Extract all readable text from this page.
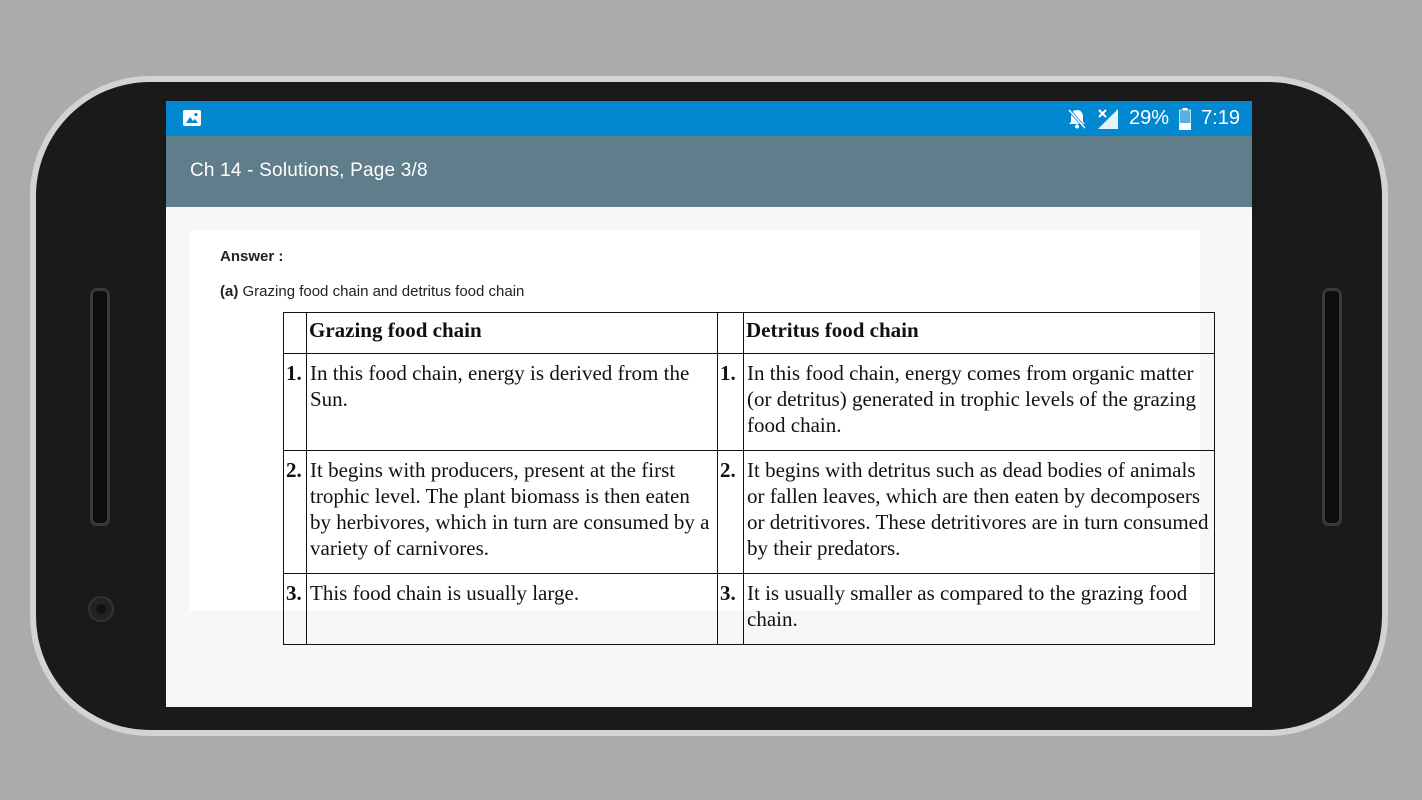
29% 7:19
Ch 14 - Solutions, Page 3/8
Answer :
(a) Grazing food chain and detritus food chain
	Grazing food chain		Detritus food chain
1.	In this food chain, energy is derived from the Sun.	1.	In this food chain, energy comes from organic matter (or detritus) generated in trophic levels of the grazing food chain.
2.	It begins with producers, present at the first trophic level. The plant biomass is then eaten by herbivores, which in turn are consumed by a variety of carnivores.	2.	It begins with detritus such as dead bodies of animals or fallen leaves, which are then eaten by decomposers or detritivores. These detritivores are in turn consumed by their predators.
3.	This food chain is usually large.	3.	It is usually smaller as compared to the grazing food chain.
